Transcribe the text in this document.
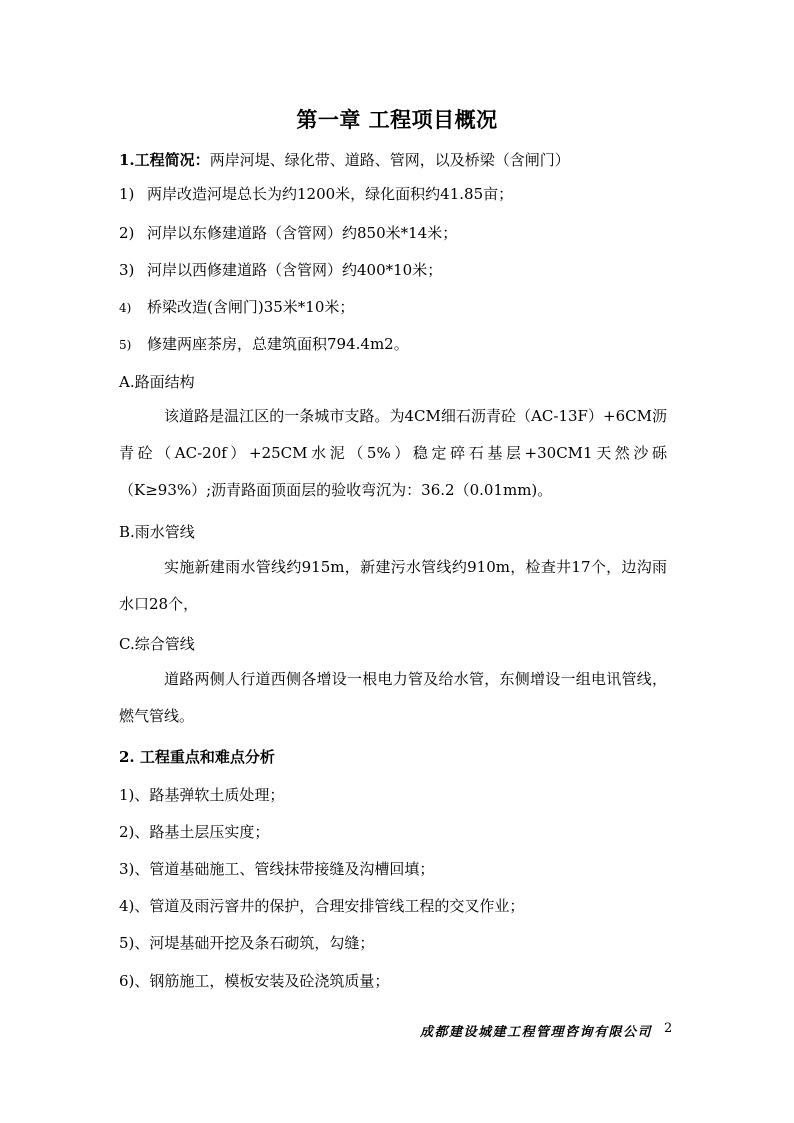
第一章 工程项目概况
1.工程简况：两岸河堤、绿化带、道路、管网，以及桥梁（含闸门）
1) 两岸改造河堤总长为约1200米，绿化面积约41.85亩；
2) 河岸以东修建道路（含管网）约850米*14米；
3) 河岸以西修建道路（含管网）约400*10米；
4) 桥梁改造(含闸门)35米*10米；
5) 修建两座茶房，总建筑面积794.4m2。
A.路面结构
该道路是温江区的一条城市支路。为4CM细石沥青砼（AC-13F）+6CM沥青砼（AC-20f）+25CM水泥（5%）稳定碎石基层+30CM1天然沙砾（K≥93%）;沥青路面顶面层的验收弯沉为：36.2（0.01mm)。
B.雨水管线
实施新建雨水管线约915m，新建污水管线约910m，检查井17个，边沟雨水口28个，
C.综合管线
道路两侧人行道西侧各增设一根电力管及给水管，东侧增设一组电讯管线，燃气管线。
2. 工程重点和难点分析
1)、路基弹软土质处理；
2)、路基土层压实度；
3)、管道基础施工、管线抹带接缝及沟槽回填；
4)、管道及雨污窨井的保护，合理安排管线工程的交叉作业；
5)、河堤基础开挖及条石砌筑，勾缝；
6)、钢筋施工，模板安装及砼浇筑质量；
成都建设城建工程管理咨询有限公司 2
